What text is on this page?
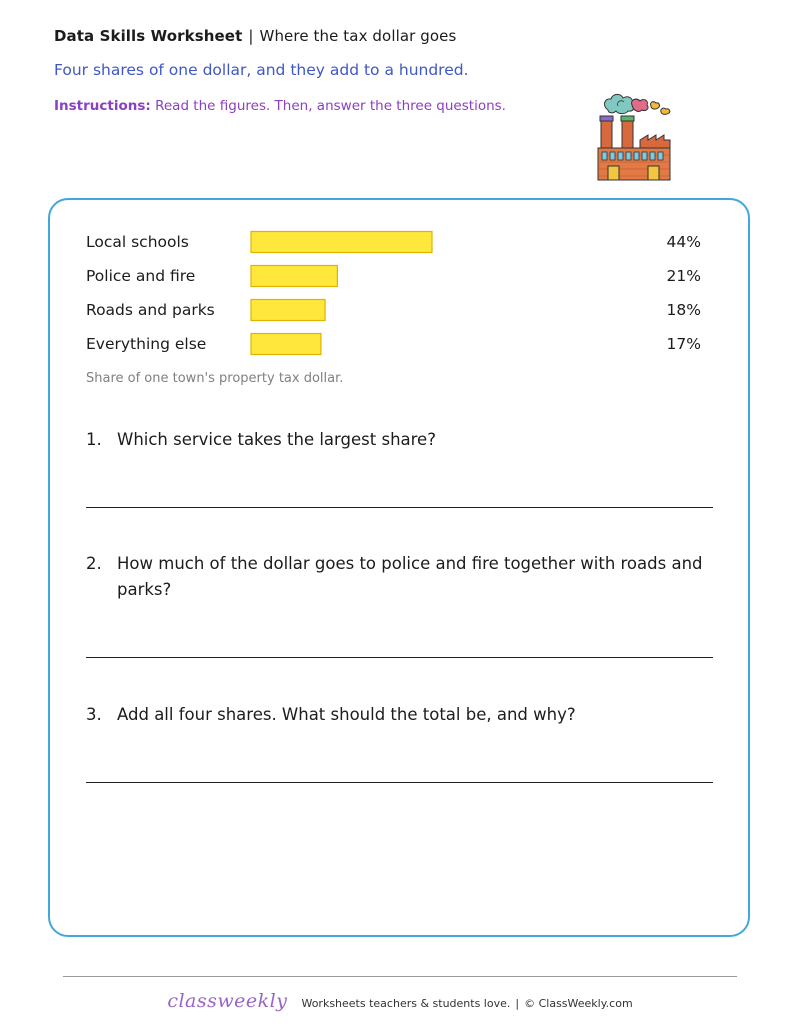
Data Skills Worksheet | Where the tax dollar goes
Four shares of one dollar, and they add to a hundred.
Instructions: Read the figures. Then, answer the three questions.
Local schools	44%
Police and fire	21%
Roads and parks	18%
Everything else	17%
Share of one town's property tax dollar.
1. Which service takes the largest share?
2. How much of the dollar goes to police and fire together with roads and parks?
3. Add all four shares. What should the total be, and why?
classweekly Worksheets teachers & students love. | © ClassWeekly.com
